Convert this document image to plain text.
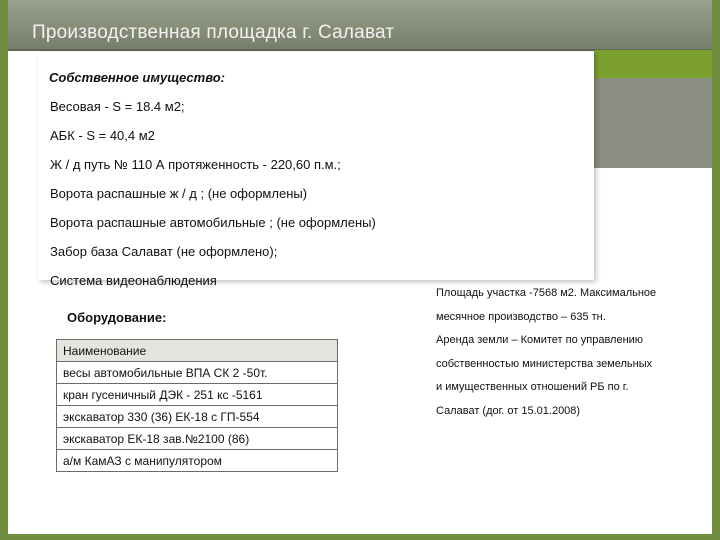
Производственная площадка г. Салават
Собственное имущество:
Весовая - S = 18.4 м2;
АБК - S = 40,4 м2
Ж / д путь № 110 А протяженность - 220,60 п.м.;
Ворота распашные ж / д ; (не оформлены)
Ворота распашные автомобильные ; (не оформлены)
Забор база Салават (не оформлено);
Система видеонаблюдения

Площадь участка -7568 м2. Максимальное

месячное производство – 635 тн.

Аренда земли – Комитет по управлению

собственностью министерства земельных

и имущественных отношений РБ по г.

Салават (дог. от 15.01.2008)

Оборудование:
Наименование
весы автомобильные ВПА СК 2 -50т.
кран гусеничный ДЭК - 251 кс -5161
экскаватор 330 (36) ЕК-18 с ГП-554
экскаватор ЕК-18 зав.№2100 (86)
а/м КамАЗ с манипулятором
